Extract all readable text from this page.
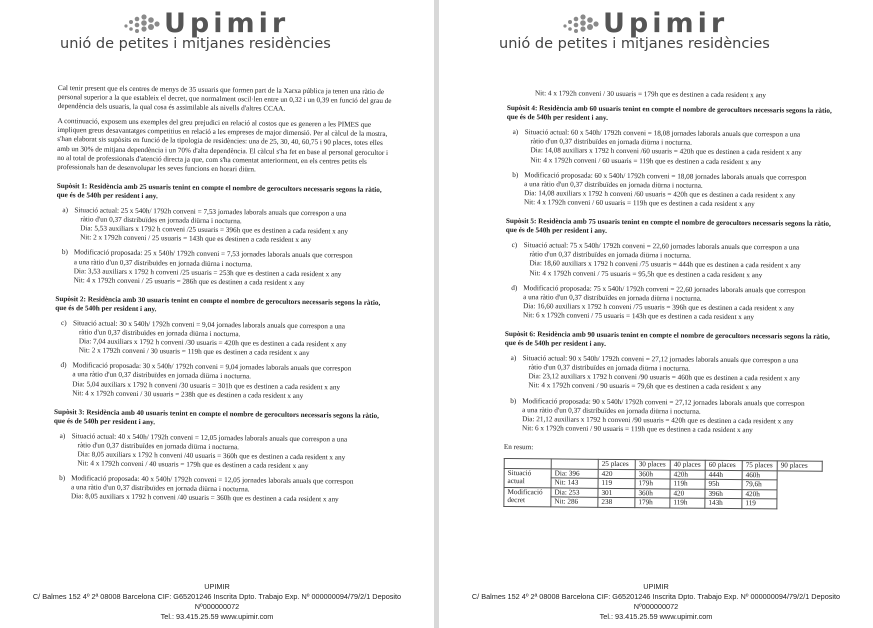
Upimir
unió de petites i mitjanes residències

Cal tenir present que els centres de menys de 35 usuaris que formen part de la Xarxa pública ja tenen una ràtio de personal superior a la que estableix el decret, que normalment oscil·len entre un 0,32 i un 0,39 en funció del grau de dependència dels usuaris, la qual cosa és assimilable als nivells d'altres CCAA.

A continuació, exposem uns exemples del greu prejudici en relació al costos que es generen a les PIMES que impliquen greus desavantatges competitius en relació a les empreses de major dimensió. Per al càlcul de la mostra, s'han elaborat sis supòsits en funció de la tipologia de residències: una de 25, 30, 40, 60,75 i 90 places, totes elles amb un 30% de mitjana dependència i un 70% d'alta dependència. El càlcul s'ha fet en base al personal gerocultor i no al total de professionals d'atenció directa ja que, com s'ha comentat anteriorment, en els centres petits els professionals han de desenvolupar les seves funcions en horari diürn.

Supòsit 1: Residència amb 25 usuaris tenint en compte el nombre de gerocultors necessaris segons la ràtio, que és de 540h per resident i any.
a) Situació actual: 25 x 540h/ 1792h conveni = 7,53 jornades laborals anuals que correspon a una
ràtio d'un 0,37 distribuïdes en jornada diürna i nocturna.
Dia: 5,53 auxiliars x 1792 h conveni /25 usuaris = 396h que es destinen a cada resident x any
Nit: 2 x 1792h conveni / 25 usuaris = 143h que es destinen a cada resident x any
b) Modificació proposada: 25 x 540h/ 1792h conveni = 7,53 jornades laborals anuals que correspon
a una ràtio d'un 0,37 distribuïdes en jornada diürna i nocturna.
Dia: 3,53 auxiliars x 1792 h conveni /25 usuaris = 253h que es destinen a cada resident x any
Nit: 4 x 1792h conveni / 25 usuaris = 286h que es destinen a cada resident x any
Supòsit 2: Residència amb 30 usuaris tenint en compte el nombre de gerocultors necessaris segons la ràtio, que és de 540h per resident i any.
c) Situació actual: 30 x 540h/ 1792h conveni = 9,04 jornades laborals anuals que correspon a una
ràtio d'un 0,37 distribuïdes en jornada diürna i nocturna.
Dia: 7,04 auxiliars x 1792 h conveni /30 usuaris = 420h que es destinen a cada resident x any
Nit: 2 x 1792h conveni / 30 usuaris = 119h que es destinen a cada resident x any
d) Modificació proposada: 30 x 540h/ 1792h conveni = 9,04 jornades laborals anuals que correspon
a una ràtio d'un 0,37 distribuïdes en jornada diürna i nocturna.
Dia: 5,04 auxiliars x 1792 h conveni /30 usuaris = 301h que es destinen a cada resident x any
Nit: 4 x 1792h conveni / 30 usuaris = 238h que es destinen a cada resident x any
Supòsit 3: Residència amb 40 usuaris tenint en compte el nombre de gerocultors necessaris segons la ràtio, que és de 540h per resident i any.
a) Situació actual: 40 x 540h/ 1792h conveni = 12,05 jornades laborals anuals que correspon a una
ràtio d'un 0,37 distribuïdes en jornada diürna i nocturna.
Dia: 8,05 auxiliars x 1792 h conveni /40 usuaris = 360h que es destinen a cada resident x any
Nit: 4 x 1792h conveni / 40 usuaris = 179h que es destinen a cada resident x any
b) Modificació proposada: 40 x 540h/ 1792h conveni = 12,05 jornades laborals anuals que correspon
a una ràtio d'un 0,37 distribuïdes en jornada diürna i nocturna.
Dia: 8,05 auxiliars x 1792 h conveni /40 usuaris = 360h que es destinen a cada resident x any
UPIMIR
C/ Balmes 152 4º 2ª 08008 Barcelona CIF: G65201246 Inscrita Dpto. Trabajo Exp. Nº 000000094/79/2/1 Deposito
Nº000000072
Tel.: 93.415.25.59 www.upimir.com
Upimir
unió de petites i mitjanes residències

Nit: 4 x 1792h conveni / 30 usuaris = 179h que es destinen a cada resident x any

Supòsit 4: Residència amb 60 usuaris tenint en compte el nombre de gerocultors necessaris segons la ràtio, que és de 540h per resident i any.
a) Situació actual: 60 x 540h/ 1792h conveni = 18,08 jornades laborals anuals que correspon a una
ràtio d'un 0,37 distribuïdes en jornada diürna i nocturna.
Dia: 14,08 auxiliars x 1792 h conveni /60 usuaris = 420h que es destinen a cada resident x any
Nit: 4 x 1792h conveni / 60 usuaris = 119h que es destinen a cada resident x any
b) Modificació proposada: 60 x 540h/ 1792h conveni = 18,08 jornades laborals anuals que correspon
a una ràtio d'un 0,37 distribuïdes en jornada diürna i nocturna.
Dia: 14,08 auxiliars x 1792 h conveni /60 usuaris = 420h que es destinen a cada resident x any
Nit: 4 x 1792h conveni / 60 usuaris = 119h que es destinen a cada resident x any
Supòsit 5: Residència amb 75 usuaris tenint en compte el nombre de gerocultors necessaris segons la ràtio, que és de 540h per resident i any.
c) Situació actual: 75 x 540h/ 1792h conveni = 22,60 jornades laborals anuals que correspon a una
ràtio d'un 0,37 distribuïdes en jornada diürna i nocturna.
Dia: 18,60 auxiliars x 1792 h conveni /75 usuaris = 444h que es destinen a cada resident x any
Nit: 4 x 1792h conveni / 75 usuaris = 95,5h que es destinen a cada resident x any
d) Modificació proposada: 75 x 540h/ 1792h conveni = 22,60 jornades laborals anuals que correspon
a una ràtio d'un 0,37 distribuïdes en jornada diürna i nocturna.
Dia: 16,60 auxiliars x 1792 h conveni /75 usuaris = 396h que es destinen a cada resident x any
Nit: 6 x 1792h conveni / 75 usuaris = 143h que es destinen a cada resident x any
Supòsit 6: Residència amb 90 usuaris tenint en compte el nombre de gerocultors necessaris segons la ràtio, que és de 540h per resident i any.
a) Situació actual: 90 x 540h/ 1792h conveni = 27,12 jornades laborals anuals que correspon a una
ràtio d'un 0,37 distribuïdes en jornada diürna i nocturna.
Dia: 23,12 auxiliars x 1792 h conveni /90 usuaris = 460h que es destinen a cada resident x any
Nit: 4 x 1792h conveni / 90 usuaris = 79,6h que es destinen a cada resident x any
b) Modificació proposada: 90 x 540h/ 1792h conveni = 27,12 jornades laborals anuals que correspon
a una ràtio d'un 0,37 distribuïdes en jornada diürna i nocturna.
Dia: 21,12 auxiliars x 1792 h conveni /90 usuaris = 420h que es destinen a cada resident x any
Nit: 6 x 1792h conveni / 90 usuaris = 119h que es destinen a cada resident x any

En resum:

		25 places	30 places	40 places	60 places	75 places	90 places
Situació actual	Dia: 396	420	360h	420h	444h	460h	
	Nit: 143	119	179h	119h	95h	79,6h	
Modificació decret	Dia: 253	301	360h	420	396h	420h	
	Nit: 286	238	179h	119h	143h	119	
UPIMIR
C/ Balmes 152 4º 2ª 08008 Barcelona CIF: G65201246 Inscrita Dpto. Trabajo Exp. Nº 000000094/79/2/1 Deposito
Nº000000072
Tel.: 93.415.25.59 www.upimir.com
